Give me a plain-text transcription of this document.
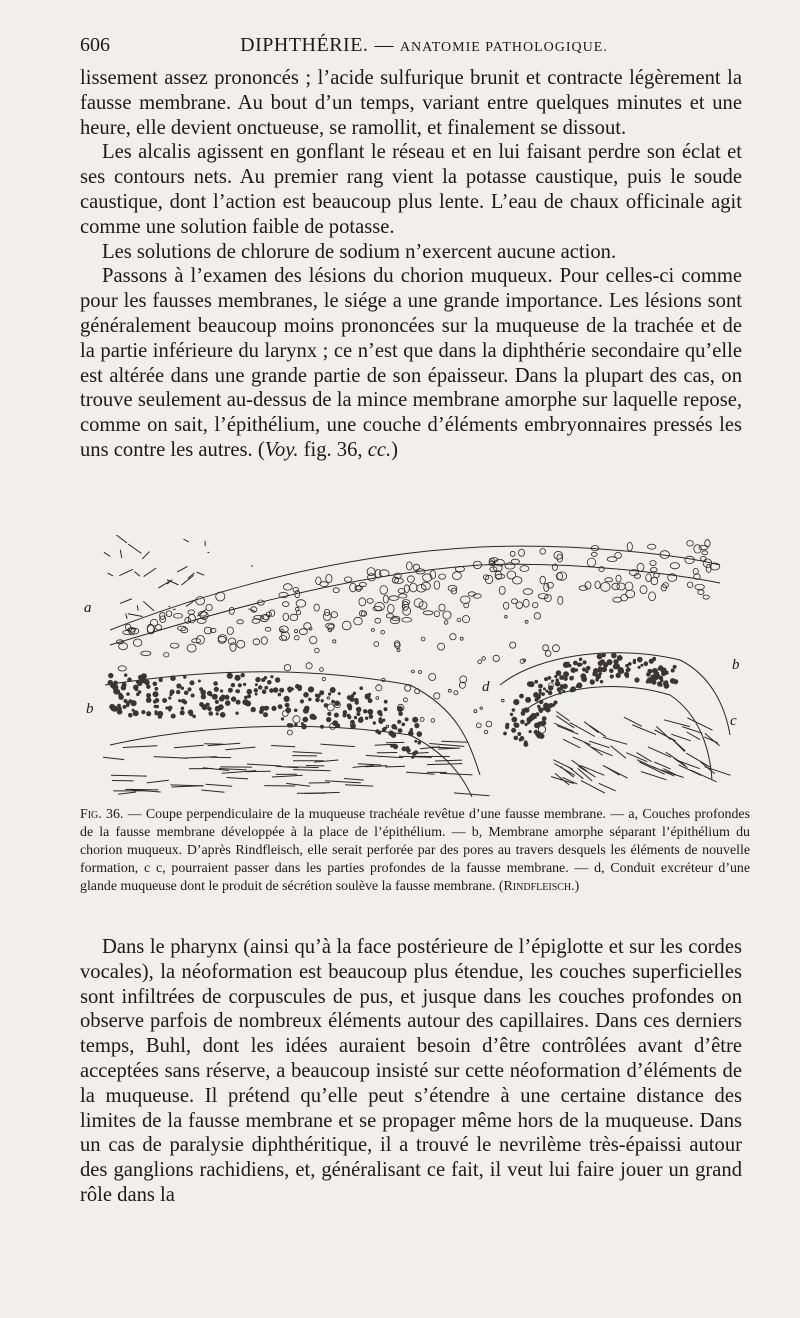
606	DIPHTHÉRIE. — ANATOMIE PATHOLOGIQUE.

lissement assez prononcés ; l’acide sulfurique brunit et contracte légèrement la fausse membrane. Au bout d’un temps, variant entre quelques minutes et une heure, elle devient onctueuse, se ramollit, et finalement se dissout.

Les alcalis agissent en gonflant le réseau et en lui faisant perdre son éclat et ses contours nets. Au premier rang vient la potasse caustique, puis le soude caustique, dont l’action est beaucoup plus lente. L’eau de chaux officinale agit comme une solution faible de potasse.

Les solutions de chlorure de sodium n’exercent aucune action.

Passons à l’examen des lésions du chorion muqueux. Pour celles-ci comme pour les fausses membranes, le siége a une grande importance. Les lésions sont généralement beaucoup moins prononcées sur la muqueuse de la trachée et de la partie inférieure du larynx ; ce n’est que dans la diphthérie secondaire qu’elle est altérée dans une grande partie de son épaisseur. Dans la plupart des cas, on trouve seulement au-dessus de la mince membrane amorphe sur laquelle repose, comme on sait, l’épithélium, une couche d’éléments embryonnaires pressés les uns contre les autres. (Voy. fig. 36, cc.)

a
b
b
d
c

Fig. 36. — Coupe perpendiculaire de la muqueuse trachéale revêtue d’une fausse membrane. — a, Couches profondes de la fausse membrane développée à la place de l’épithélium. — b, Membrane amorphe séparant l’épithélium du chorion muqueux. D’après Rindfleisch, elle serait perforée par des pores au travers desquels les éléments de nouvelle formation, c c, pourraient passer dans les parties profondes de la fausse membrane. — d, Conduit excréteur d’une glande muqueuse dont le produit de sécrétion soulève la fausse membrane. (Rindfleisch.)

Dans le pharynx (ainsi qu’à la face postérieure de l’épiglotte et sur les cordes vocales), la néoformation est beaucoup plus étendue, les couches superficielles sont infiltrées de corpuscules de pus, et jusque dans les couches profondes on observe parfois de nombreux éléments autour des capillaires. Dans ces derniers temps, Buhl, dont les idées auraient besoin d’être contrôlées avant d’être acceptées sans réserve, a beaucoup insisté sur cette néoformation d’éléments de la muqueuse. Il prétend qu’elle peut s’étendre à une certaine distance des limites de la fausse membrane et se propager même hors de la muqueuse. Dans un cas de paralysie diphthéritique, il a trouvé le nevrilème très-épaissi autour des ganglions rachidiens, et, généralisant ce fait, il veut lui faire jouer un grand rôle dans la
